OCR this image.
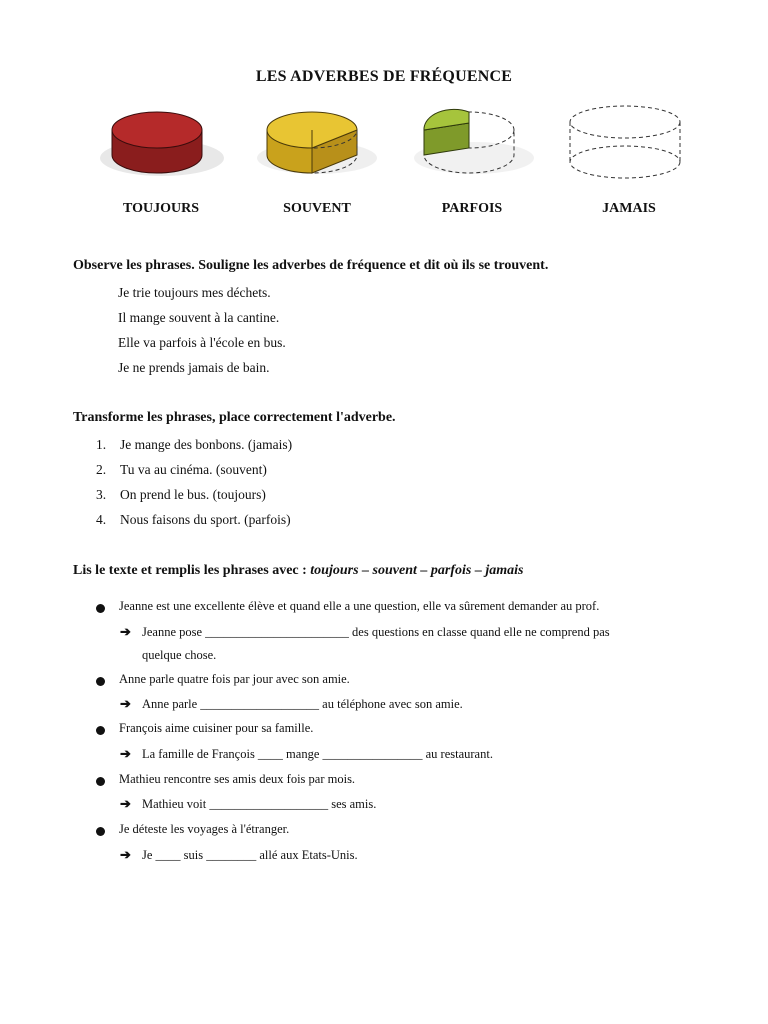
LES ADVERBES DE FRÉQUENCE
TOUJOURS	SOUVENT	PARFOIS	JAMAIS
Observe les phrases. Souligne les adverbes de fréquence et dit où ils se trouvent.
Je trie toujours mes déchets.
Il mange souvent à la cantine.
Elle va parfois à l'école en bus.
Je ne prends jamais de bain.
Transforme les phrases, place correctement l'adverbe.
1. Je mange des bonbons. (jamais)
2. Tu va au cinéma. (souvent)
3. On prend le bus. (toujours)
4. Nous faisons du sport. (parfois)
Lis le texte et remplis les phrases avec : toujours – souvent – parfois – jamais
Jeanne est une excellente élève et quand elle a une question, elle va sûrement demander au prof.
➔ Jeanne pose _______________________ des questions en classe quand elle ne comprend pas
quelque chose.
Anne parle quatre fois par jour avec son amie.
➔ Anne parle ___________________ au téléphone avec son amie.
François aime cuisiner pour sa famille.
➔ La famille de François ____ mange ________________ au restaurant.
Mathieu rencontre ses amis deux fois par mois.
➔ Mathieu voit ___________________ ses amis.
Je déteste les voyages à l'étranger.
➔ Je ____ suis ________ allé aux Etats-Unis.
